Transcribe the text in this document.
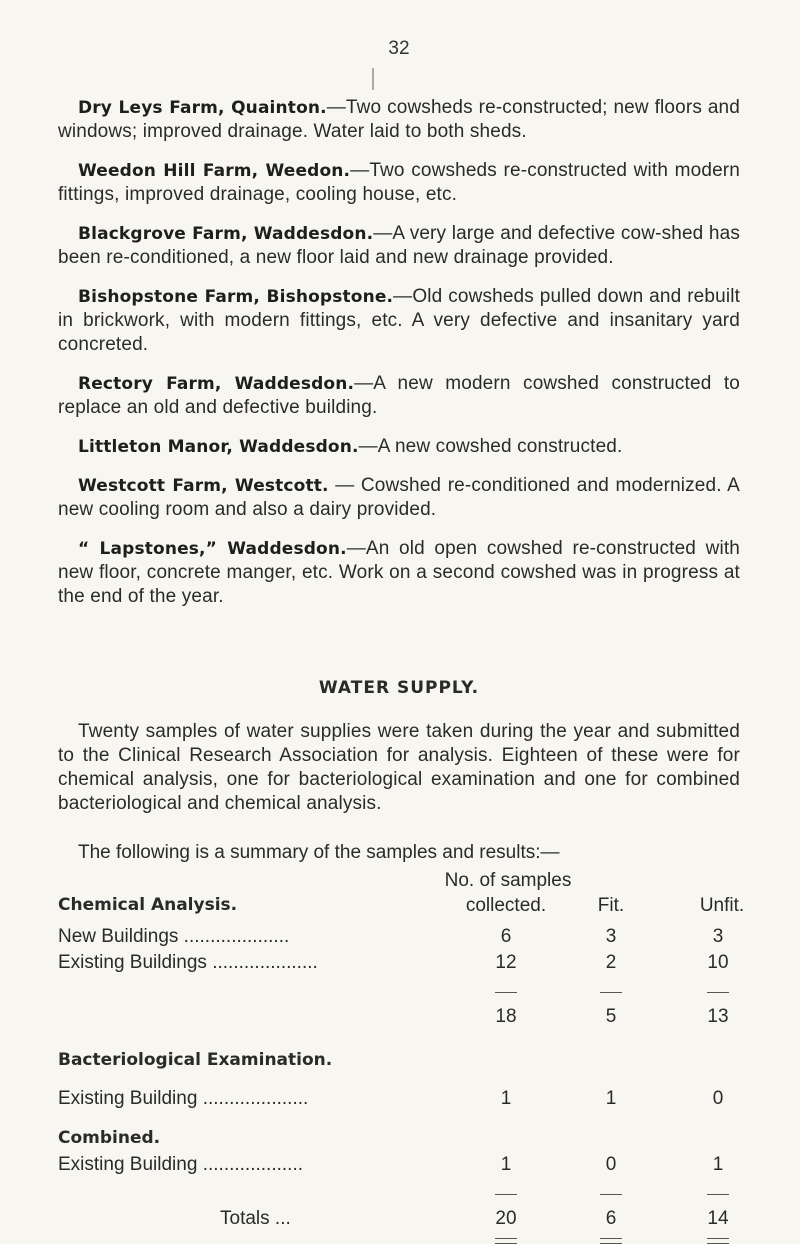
32

Dry Leys Farm, Quainton.—Two cowsheds re-constructed; new floors and windows; improved drainage. Water laid to both sheds.

Weedon Hill Farm, Weedon.—Two cowsheds re-constructed with modern fittings, improved drainage, cooling house, etc.

Blackgrove Farm, Waddesdon.—A very large and defective cow-shed has been re-conditioned, a new floor laid and new drainage provided.

Bishopstone Farm, Bishopstone.—Old cowsheds pulled down and rebuilt in brickwork, with modern fittings, etc. A very defective and insanitary yard concreted.

Rectory Farm, Waddesdon.—A new modern cowshed constructed to replace an old and defective building.

Littleton Manor, Waddesdon.—A new cowshed constructed.

Westcott Farm, Westcott. — Cowshed re-conditioned and modernized. A new cooling room and also a dairy provided.

“ Lapstones,” Waddesdon.—An old open cowshed re-constructed with new floor, concrete manger, etc. Work on a second cowshed was in progress at the end of the year.

WATER SUPPLY.

Twenty samples of water supplies were taken during the year and submitted to the Clinical Research Association for analysis. Eighteen of these were for chemical analysis, one for bacteriological examination and one for combined bacteriological and chemical analysis.

The following is a summary of the samples and results:—
No. of samples
Chemical Analysis.	collected.	Fit.	Unfit.
New Buildings ....................	6	3	3
Existing Buildings ....................	12	2	10
18	5	13
Bacteriological Examination.
Existing Building ....................	1	1	0
Combined.
Existing Building ...................	1	0	1
Totals ...	20	6	14
